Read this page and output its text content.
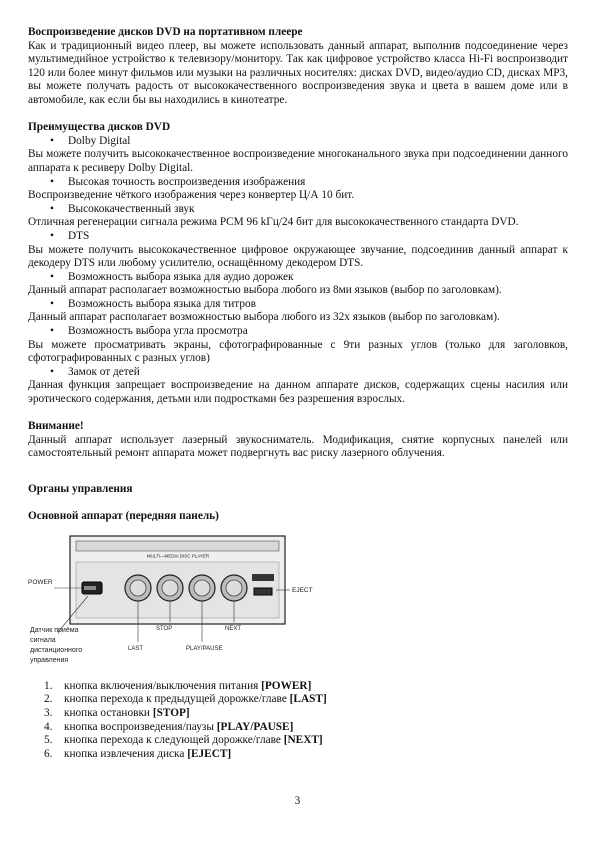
Воспроизведение дисков DVD на портативном плеере

Как и традиционный видео плеер, вы можете использовать данный аппарат, выполнив подсоединение через мультимедийное устройство к телевизору/монитору. Так как цифровое устройство класса Hi-Fi воспроизводит 120 или более минут фильмов или музыки на различных носителях: дисках DVD, видео/аудио CD, дисках MP3, вы можете получать радость от высококачественного воспроизведения звука и цвета в вашем доме или в автомобиле, как если бы вы находились в кинотеатре.

Преимущества дисков DVD

•	Dolby Digital

Вы можете получить высококачественное воспроизведение многоканального звука при подсоединении данного аппарата к ресиверу Dolby Digital.

•	Высокая точность воспроизведения изображения

Воспроизведение чёткого изображения через конвертер Ц/А 10 бит.

•	Высококачественный звук

Отличная регенерации сигнала режима PCM 96 kГц/24 бит для высококачественного стандарта DVD.

•	DTS

Вы можете получить высококачественное цифровое окружающее звучание, подсоединив данный аппарат к декодеру DTS или любому усилителю, оснащённому декодером DTS.

•	Возможность выбора языка для аудио дорожек

Данный аппарат располагает возможностью выбора любого из 8ми языков (выбор по заголовкам).

•	Возможность выбора языка для титров

Данный аппарат располагает возможностью выбора любого из 32х языков (выбор по заголовкам).

•	Возможность выбора угла просмотра

Вы можете просматривать экраны, сфотографированные с 9ти разных углов (только для заголовков, сфотографированных с разных углов)

•	Замок от детей

Данная функция запрещает воспроизведение на данном аппарате дисков, содержащих сцены насилия или эротического содержания, детьми или подростками без разрешения взрослых.

Внимание!

Данный аппарат использует лазерный звукосниматель. Модификация, снятие корпусных панелей или самостоятельный ремонт аппарата может подвергнуть вас риску лазерного облучения.

Органы управления

Основной аппарат (передняя панель)

MULTI—MEDIA DISC PLAYER
POWER
EJECT
STOP	NEXT
LAST	PLAY/PAUSE
Датчик приёма
сигнала
дистанционного
управления
1.	кнопка включения/выключения питания [POWER]
2.	кнопка перехода к предыдущей дорожке/главе [LAST]
3.	кнопка остановки [STOP]
4.	кнопка воспроизведения/паузы [PLAY/PAUSE]
5.	кнопка перехода к следующей дорожке/главе [NEXT]
6.	кнопка извлечения диска [EJECT]
3
